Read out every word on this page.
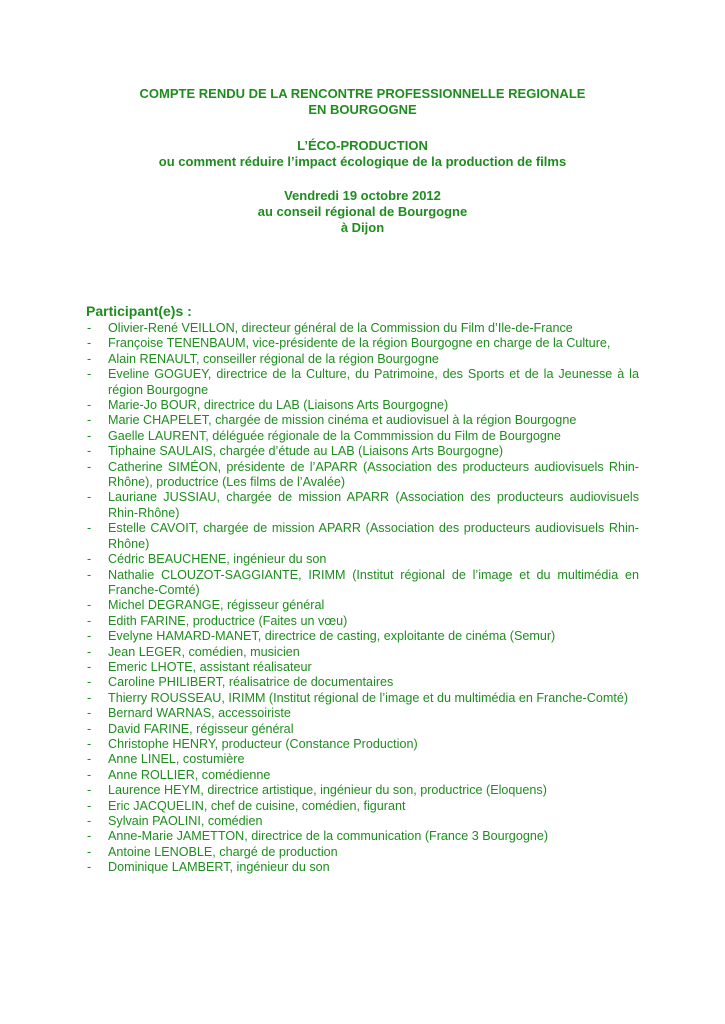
COMPTE RENDU DE LA RENCONTRE PROFESSIONNELLE REGIONALE
EN BOURGOGNE
L’ÉCO-PRODUCTION
ou comment réduire l’impact écologique de la production de films
Vendredi 19 octobre 2012
au conseil régional de Bourgogne
à Dijon
Participant(e)s :
- Olivier-René VEILLON, directeur général de la Commission du Film d’Ile-de-France
- Françoise TENENBAUM, vice-présidente de la région Bourgogne en charge de la Culture,
- Alain RENAULT, conseiller régional de la région Bourgogne
- Eveline GOGUEY, directrice de la Culture, du Patrimoine, des Sports et de la Jeunesse à la région Bourgogne
- Marie-Jo BOUR, directrice du LAB (Liaisons Arts Bourgogne)
- Marie CHAPELET, chargée de mission cinéma et audiovisuel à la région Bourgogne
- Gaelle LAURENT, déléguée régionale de la Commmission du Film de Bourgogne
- Tiphaine SAULAIS, chargée d’étude au LAB (Liaisons Arts Bourgogne)
- Catherine SIMÉON, présidente de l’APARR (Association des producteurs audiovisuels Rhin-Rhône), productrice (Les films de l’Avalée)
- Lauriane JUSSIAU, chargée de mission APARR (Association des producteurs audiovisuels Rhin-Rhône)
- Estelle CAVOIT, chargée de mission APARR (Association des producteurs audiovisuels Rhin-Rhône)
- Cédric BEAUCHENE, ingénieur du son
- Nathalie CLOUZOT-SAGGIANTE, IRIMM (Institut régional de l’image et du multimédia en Franche-Comté)
- Michel DEGRANGE, régisseur général
- Edith FARINE, productrice (Faites un vœu)
- Evelyne HAMARD-MANET, directrice de casting, exploitante de cinéma (Semur)
- Jean LEGER, comédien, musicien
- Emeric LHOTE, assistant réalisateur
- Caroline PHILIBERT, réalisatrice de documentaires
- Thierry ROUSSEAU, IRIMM (Institut régional de l’image et du multimédia en Franche-Comté)
- Bernard WARNAS, accessoiriste
- David FARINE, régisseur général
- Christophe HENRY, producteur (Constance Production)
- Anne LINEL, costumière
- Anne ROLLIER, comédienne
- Laurence HEYM, directrice artistique, ingénieur du son, productrice (Eloquens)
- Eric JACQUELIN, chef de cuisine, comédien, figurant
- Sylvain PAOLINI, comédien
- Anne-Marie JAMETTON, directrice de la communication (France 3 Bourgogne)
- Antoine LENOBLE, chargé de production
- Dominique LAMBERT, ingénieur du son
